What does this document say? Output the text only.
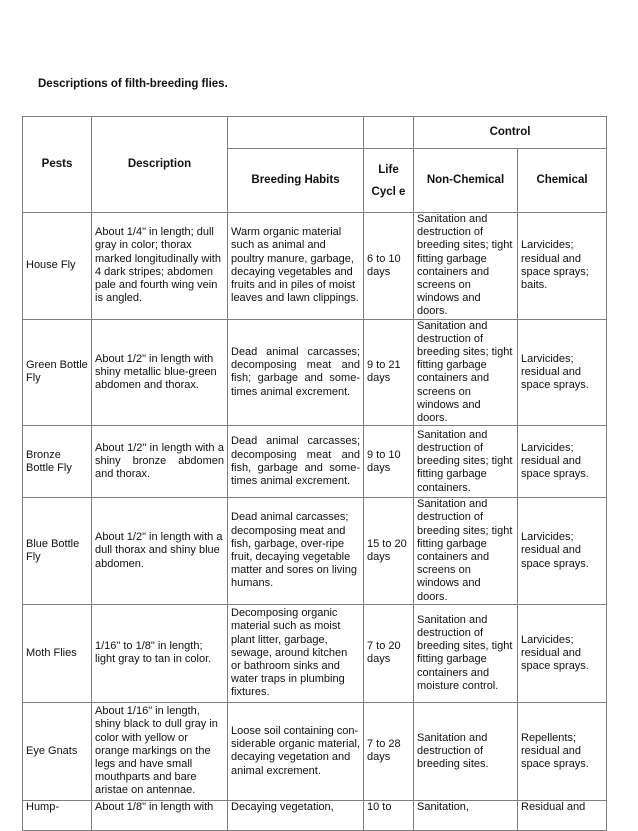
Descriptions of filth-breeding flies.
Pests	Description			Control	
		Breeding Habits	Life Cycl e	Non-Chemical	Chemical
House Fly	About 1/4" in length; dull gray in color; thorax marked longitudinally with 4 dark stripes; abdomen pale and fourth wing vein is angled.	Warm organic material such as animal and poultry manure, garbage, decaying vegetables and fruits and in piles of moist leaves and lawn clippings.	6 to 10 days	Sanitation and destruction of breeding sites; tight fitting garbage containers and screens on windows and doors.	Larvicides; residual and space sprays; baits.
Green Bottle Fly	About 1/2" in length with shiny metallic blue-green abdomen and thorax.	Dead animal carcasses; decomposing meat and fish; garbage and some-times animal excrement.	9 to 21 days	Sanitation and destruction of breeding sites; tight fitting garbage containers and screens on windows and doors.	Larvicides; residual and space sprays.
Bronze Bottle Fly	About 1/2" in length with a shiny bronze abdomen and thorax.	Dead animal carcasses; decomposing meat and fish, garbage and some-times animal excrement.	9 to 10 days	Sanitation and destruction of breeding sites; tight fitting garbage containers.	Larvicides; residual and space sprays.
Blue Bottle Fly	About 1/2" in length with a dull thorax and shiny blue abdomen.	Dead animal carcasses; decomposing meat and fish, garbage, over-ripe fruit, decaying vegetable matter and sores on living humans.	15 to 20 days	Sanitation and destruction of breeding sites; tight fitting garbage containers and screens on windows and doors.	Larvicides; residual and space sprays.
Moth Flies	1/16" to 1/8" in length; light gray to tan in color.	Decomposing organic material such as moist plant litter, garbage, sewage, around kitchen or bathroom sinks and water traps in plumbing fixtures.	7 to 20 days	Sanitation and destruction of breeding sites, tight fitting garbage containers and moisture control.	Larvicides; residual and space sprays.
Eye Gnats	About 1/16" in length, shiny black to dull gray in color with yellow or orange markings on the legs and have small mouthparts and bare aristae on antennae.	Loose soil containing con-siderable organic material, decaying vegetation and animal excrement.	7 to 28 days	Sanitation and destruction of breeding sites.	Repellents; residual and space sprays.
Hump-	About 1/8" in length with	Decaying vegetation,	10 to	Sanitation,	Residual and
